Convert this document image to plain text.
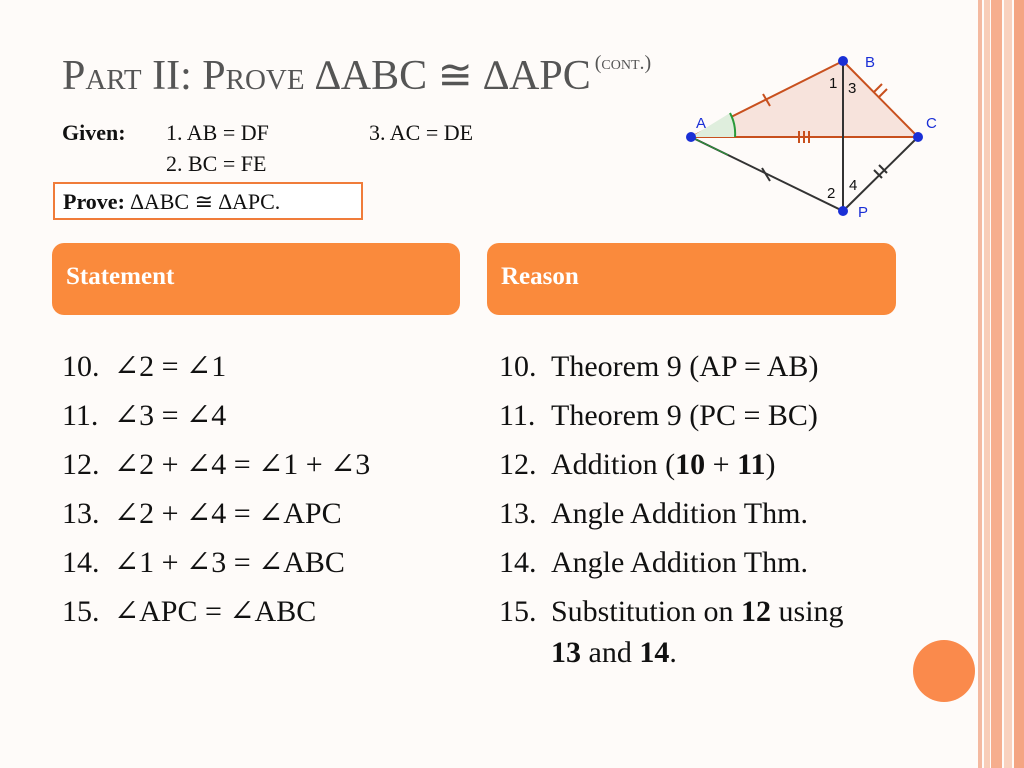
Part II: Prove ∆ABC ≅ ∆APC $^{(cont.)}$
Given: 1. AB = DF
2. BC = FE
3. AC = DE
Prove: ∆ABC ≅ ∆APC.
A
B
C
P
1
2
3
4
Statement	Reason
10. ∠2 = ∠1
11. ∠3 = ∠4
12. ∠2 + ∠4 = ∠1 + ∠3
13. ∠2 + ∠4 = ∠APC
14. ∠1 + ∠3 = ∠ABC
15. ∠APC = ∠ABC
10. Theorem 9 (AP = AB)
11. Theorem 9 (PC = BC)
12. Addition (10 + 11)
13. Angle Addition Thm.
14. Angle Addition Thm.
15. Substitution on 12 using 13 and 14.
